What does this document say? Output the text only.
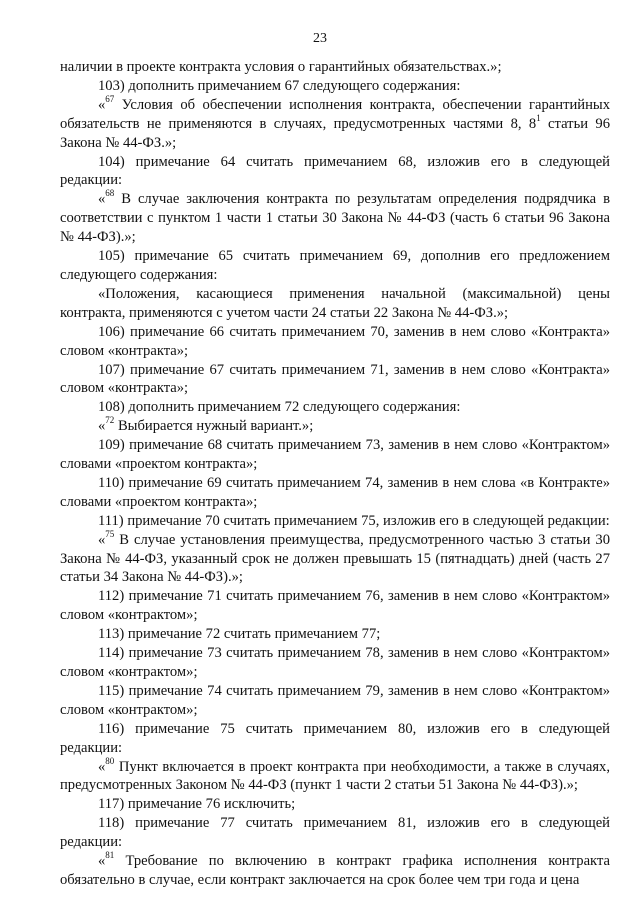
23

наличии в проекте контракта условия о гарантийных обязательствах.»;

103) дополнить примечанием 67 следующего содержания:

«$^{67}$ Условия об обеспечении исполнения контракта, обеспечении гарантийных обязательств не применяются в случаях, предусмотренных частями 8, $8^1$ статьи 96 Закона № 44-ФЗ.»;

104) примечание 64 считать примечанием 68, изложив его в следующей редакции:

«$^{68}$ В случае заключения контракта по результатам определения подрядчика в соответствии с пунктом 1 части 1 статьи 30 Закона № 44-ФЗ (часть 6 статьи 96 Закона № 44-ФЗ).»;

105) примечание 65 считать примечанием 69, дополнив его предложением следующего содержания:

«Положения, касающиеся применения начальной (максимальной) цены контракта, применяются с учетом части 24 статьи 22 Закона № 44-ФЗ.»;

106) примечание 66 считать примечанием 70, заменив в нем слово «Контракта» словом «контракта»;

107) примечание 67 считать примечанием 71, заменив в нем слово «Контракта» словом «контракта»;

108) дополнить примечанием 72 следующего содержания:

«$^{72}$ Выбирается нужный вариант.»;

109) примечание 68 считать примечанием 73, заменив в нем слово «Контрактом» словами «проектом контракта»;

110) примечание 69 считать примечанием 74, заменив в нем слова «в Контракте» словами «проектом контракта»;

111) примечание 70 считать примечанием 75, изложив его в следующей редакции:

«$^{75}$ В случае установления преимущества, предусмотренного частью 3 статьи 30 Закона № 44-ФЗ, указанный срок не должен превышать 15 (пятнадцать) дней (часть 27 статьи 34 Закона № 44-ФЗ).»;

112) примечание 71 считать примечанием 76, заменив в нем слово «Контрактом» словом «контрактом»;

113) примечание 72 считать примечанием 77;

114) примечание 73 считать примечанием 78, заменив в нем слово «Контрактом» словом «контрактом»;

115) примечание 74 считать примечанием 79, заменив в нем слово «Контрактом» словом «контрактом»;

116) примечание 75 считать примечанием 80, изложив его в следующей редакции:

«$^{80}$ Пункт включается в проект контракта при необходимости, а также в случаях, предусмотренных Законом № 44-ФЗ (пункт 1 части 2 статьи 51 Закона № 44-ФЗ).»;

117) примечание 76 исключить;

118) примечание 77 считать примечанием 81, изложив его в следующей редакции:

«$^{81}$ Требование по включению в контракт графика исполнения контракта обязательно в случае, если контракт заключается на срок более чем три года и цена
